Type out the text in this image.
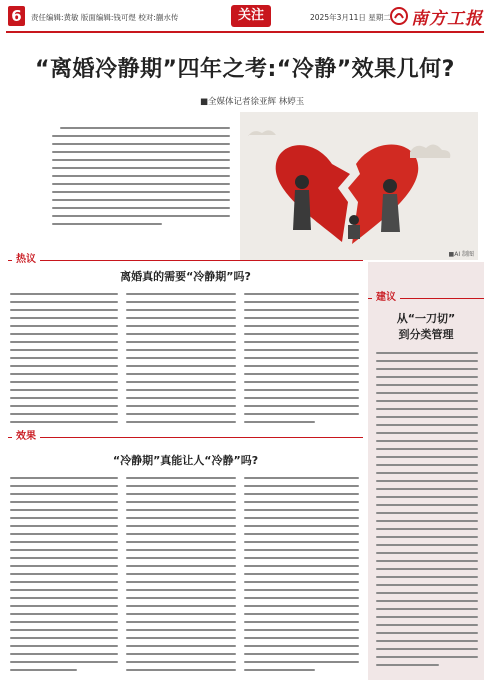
6	责任编辑:黄敏 版面编辑:钱可煜 校对:蒯水传	关注	2025年3月11日 星期二 南方工报
“离婚冷静期”四年之考:“冷静”效果几何?
■全媒体记者徐亚辉 林婷玉
■AI 制图
热议
离婚真的需要“冷静期”吗?
效果
“冷静期”真能让人“冷静”吗?
建议
从“一刀切”
到分类管理
